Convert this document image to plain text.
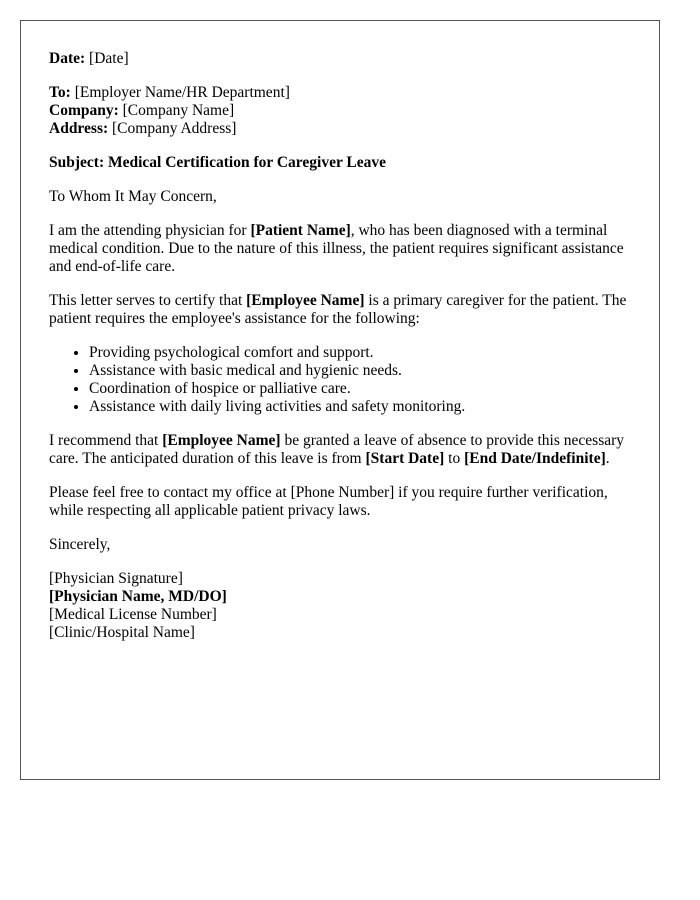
Date: [Date]

To: [Employer Name/HR Department]

Company: [Company Name]

Address: [Company Address]

Subject: Medical Certification for Caregiver Leave

To Whom It May Concern,

I am the attending physician for [Patient Name], who has been diagnosed with a terminal medical condition. Due to the nature of this illness, the patient requires significant assistance and end-of-life care.

This letter serves to certify that [Employee Name] is a primary caregiver for the patient. The patient requires the employee's assistance for the following:

• Providing psychological comfort and support.
• Assistance with basic medical and hygienic needs.
• Coordination of hospice or palliative care.
• Assistance with daily living activities and safety monitoring.

I recommend that [Employee Name] be granted a leave of absence to provide this necessary care. The anticipated duration of this leave is from [Start Date] to [End Date/Indefinite].

Please feel free to contact my office at [Phone Number] if you require further verification, while respecting all applicable patient privacy laws.

Sincerely,

[Physician Signature]
[Physician Name, MD/DO]
[Medical License Number]
[Clinic/Hospital Name]
